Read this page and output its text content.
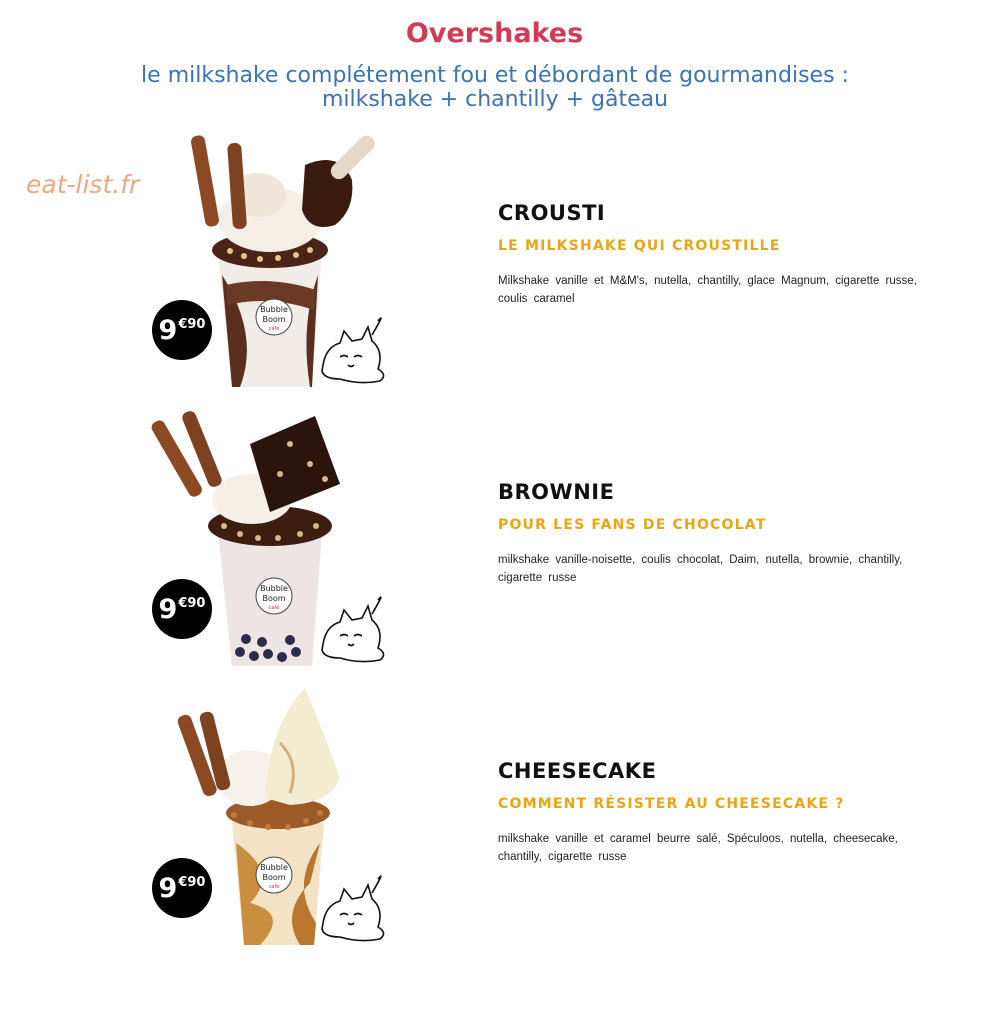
Overshakes
le milkshake complétement fou et débordant de gourmandises :
milkshake + chantilly + gâteau
eat-list.fr
Bubble
Boom
café
9 €90
CROUSTI
LE MILKSHAKE QUI CROUSTILLE
Milkshake vanille et M&M's, nutella, chantilly, glace Magnum, cigarette russe, coulis caramel
Bubble
Boom
café
9 €90
BROWNIE
POUR LES FANS DE CHOCOLAT
milkshake vanille-noisette, coulis chocolat, Daim, nutella, brownie, chantilly, cigarette russe
Bubble
Boom
café
9 €90
CHEESECAKE
COMMENT RÉSISTER AU CHEESECAKE ?
milkshake vanille et caramel beurre salé, Spéculoos, nutella, cheesecake, chantilly, cigarette russe
